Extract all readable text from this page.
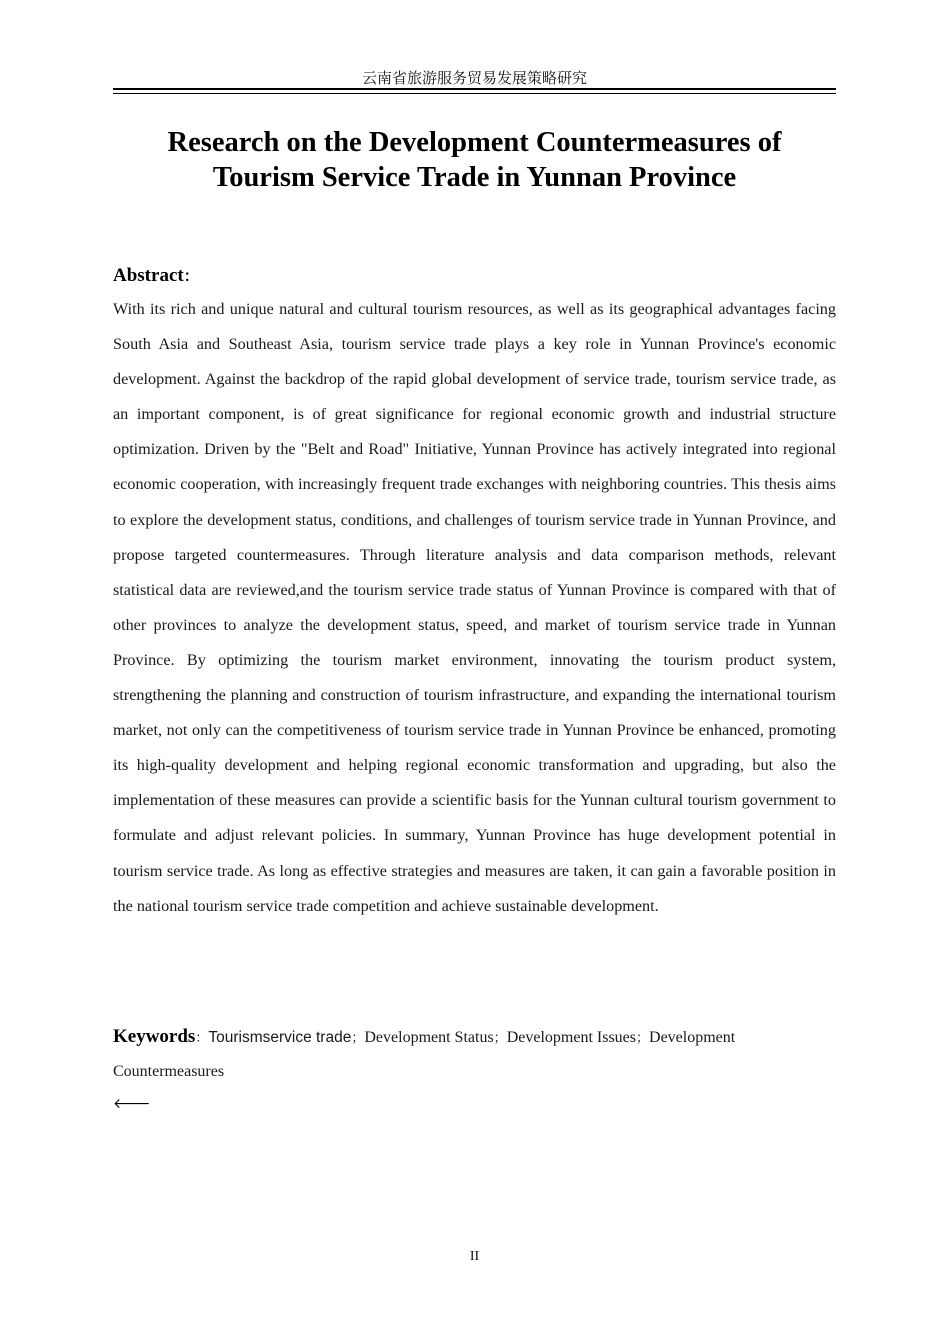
云南省旅游服务贸易发展策略研究
Research on the Development Countermeasures of
Tourism Service Trade in Yunnan Province
Abstract：

With its rich and unique natural and cultural tourism resources, as well as its geographical advantages facing South Asia and Southeast Asia, tourism service trade plays a key role in Yunnan Province's economic development. Against the backdrop of the rapid global development of service trade, tourism service trade, as an important component, is of great significance for regional economic growth and industrial structure optimization. Driven by the "Belt and Road" Initiative, Yunnan Province has actively integrated into regional economic cooperation, with increasingly frequent trade exchanges with neighboring countries. This thesis aims to explore the development status, conditions, and challenges of tourism service trade in Yunnan Province, and propose targeted countermeasures. Through literature analysis and data comparison methods, relevant statistical data are reviewed,and the tourism service trade status of Yunnan Province is compared with that of other provinces to analyze the development status, speed, and market of tourism service trade in Yunnan Province. By optimizing the tourism market environment, innovating the tourism product system, strengthening the planning and construction of tourism infrastructure, and expanding the international tourism market, not only can the competitiveness of tourism service trade in Yunnan Province be enhanced, promoting its high-quality development and helping regional economic transformation and upgrading, but also the implementation of these measures can provide a scientific basis for the Yunnan cultural tourism government to formulate and adjust relevant policies. In summary, Yunnan Province has huge development potential in tourism service trade. As long as effective strategies and measures are taken, it can gain a favorable position in the national tourism service trade competition and achieve sustainable development.

Keywords：Tourismservice trade；Development Status；Development Issues；Development Countermeasures

🡐
II
